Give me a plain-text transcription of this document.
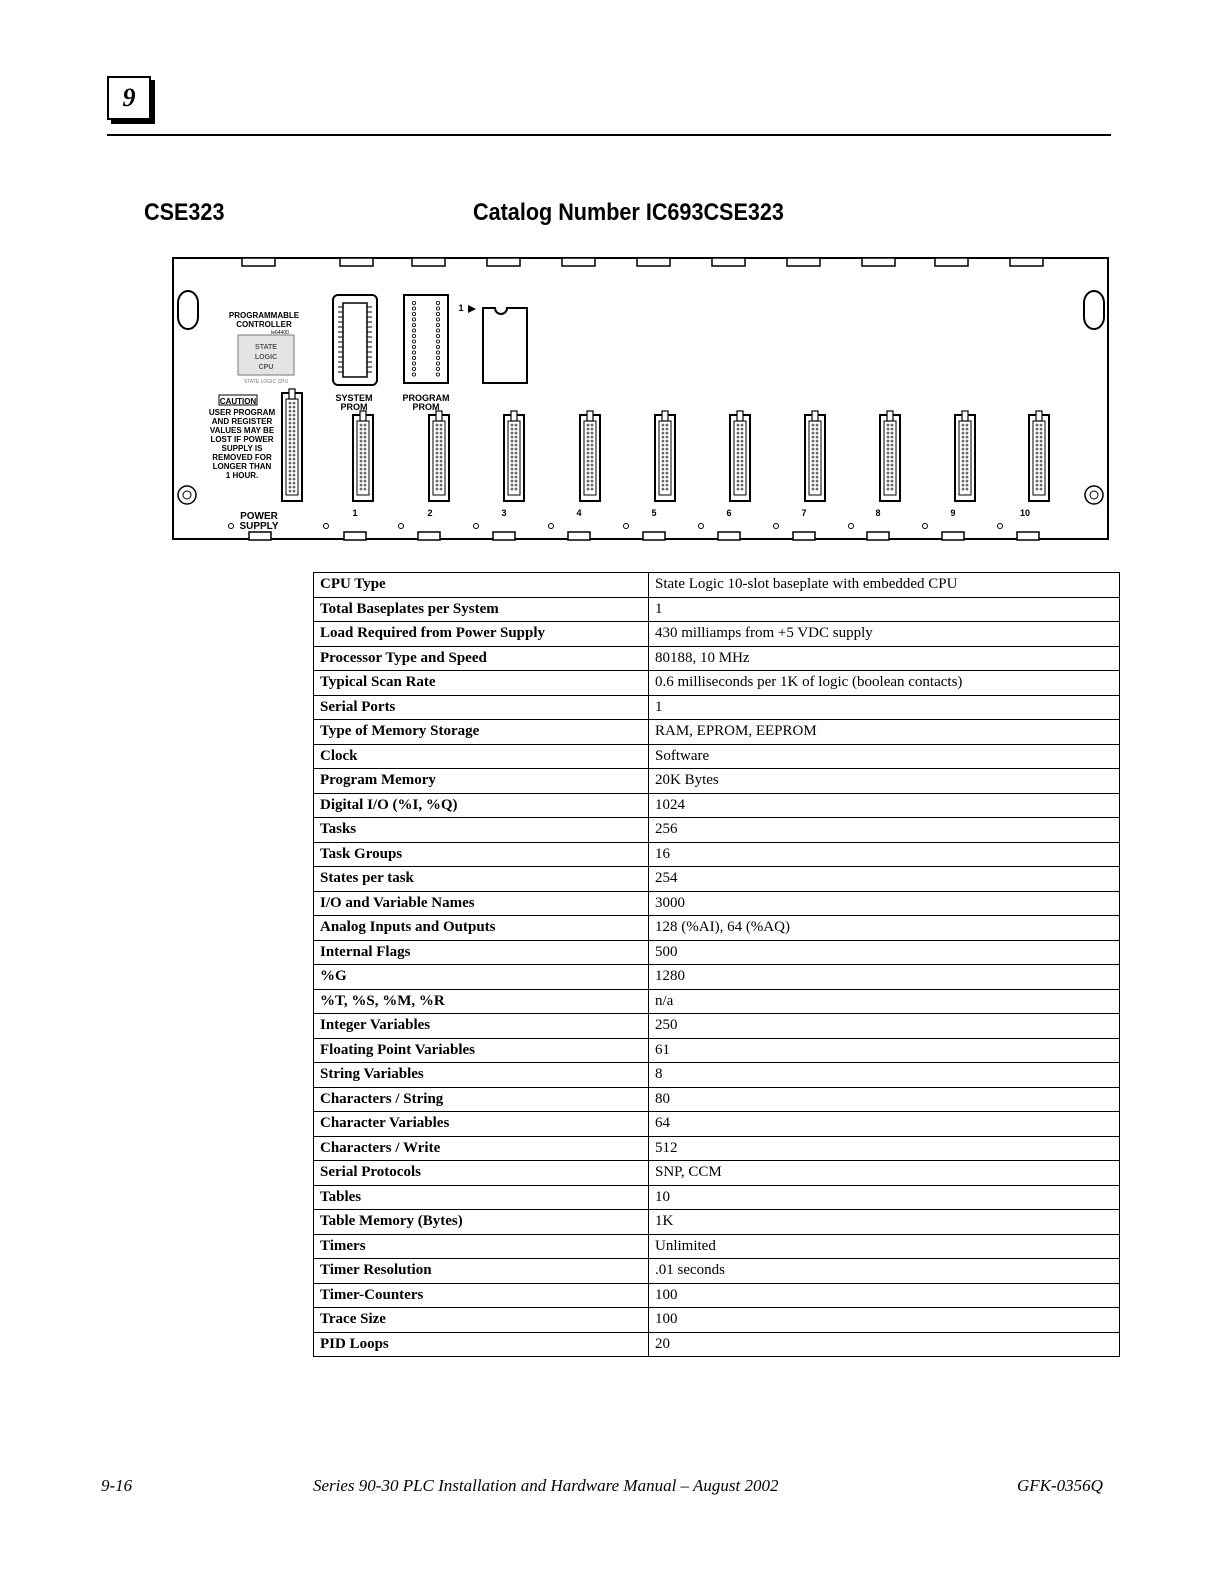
9
CSE323	Catalog Number IC693CSE323
STATE
LOGIC
CPU
PROGRAMMABLE CONTROLLER
ie64400
STATE LOGIC CPU
CAUTION
USER PROGRAM
AND REGISTER
VALUES MAY BE
LOST IF POWER
SUPPLY IS
REMOVED FOR
LONGER THAN
1 HOUR.
SYSTEM
PROM
PROGRAM
PROM
1
POWER
SUPPLY
1	2	3	4	5	6	7	8	9	10
CPU Type	State Logic 10-slot baseplate with embedded CPU
Total Baseplates per System	1
Load Required from Power Supply	430 milliamps from +5 VDC supply
Processor Type and Speed	80188, 10 MHz
Typical Scan Rate	0.6 milliseconds per 1K of logic (boolean contacts)
Serial Ports	1
Type of Memory Storage	RAM, EPROM, EEPROM
Clock	Software
Program Memory	20K Bytes
Digital I/O (%I, %Q)	1024
Tasks	256
Task Groups	16
States per task	254
I/O and Variable Names	3000
Analog Inputs and Outputs	128 (%AI), 64 (%AQ)
Internal Flags	500
%G	1280
%T, %S, %M, %R	n/a
Integer Variables	250
Floating Point Variables	61
String Variables	8
Characters / String	80
Character Variables	64
Characters / Write	512
Serial Protocols	SNP, CCM
Tables	10
Table Memory (Bytes)	1K
Timers	Unlimited
Timer Resolution	.01 seconds
Timer-Counters	100
Trace Size	100
PID Loops	20
9-16	Series 90-30 PLC Installation and Hardware Manual – August 2002	GFK-0356Q
